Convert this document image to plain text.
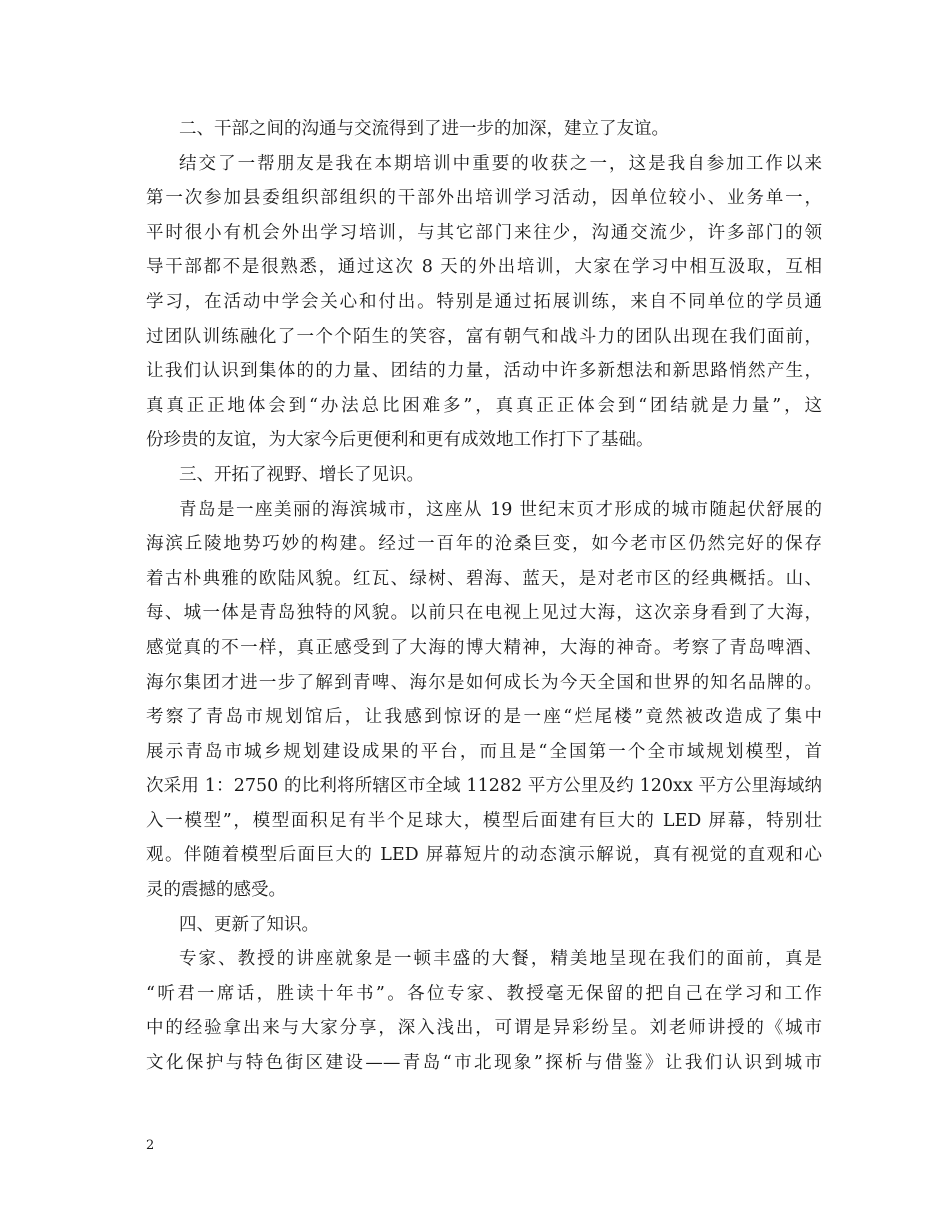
二、干部之间的沟通与交流得到了进一步的加深，建立了友谊。
结交了一帮朋友是我在本期培训中重要的收获之一，这是我自参加工作以来
第一次参加县委组织部组织的干部外出培训学习活动，因单位较小、业务单一，
平时很小有机会外出学习培训，与其它部门来往少，沟通交流少，许多部门的领
导干部都不是很熟悉，通过这次 8 天的外出培训，大家在学习中相互汲取，互相
学习，在活动中学会关心和付出。特别是通过拓展训练，来自不同单位的学员通
过团队训练融化了一个个陌生的笑容，富有朝气和战斗力的团队出现在我们面前，
让我们认识到集体的的力量、团结的力量，活动中许多新想法和新思路悄然产生，
真真正正地体会到“办法总比困难多”，真真正正体会到“团结就是力量”，这
份珍贵的友谊，为大家今后更便利和更有成效地工作打下了基础。
三、开拓了视野、增长了见识。
青岛是一座美丽的海滨城市，这座从 19 世纪末页才形成的城市随起伏舒展的
海滨丘陵地势巧妙的构建。经过一百年的沧桑巨变，如今老市区仍然完好的保存
着古朴典雅的欧陆风貌。红瓦、绿树、碧海、蓝天，是对老市区的经典概括。山、
每、城一体是青岛独特的风貌。以前只在电视上见过大海，这次亲身看到了大海，
感觉真的不一样，真正感受到了大海的博大精神，大海的神奇。考察了青岛啤酒、
海尔集团才进一步了解到青啤、海尔是如何成长为今天全国和世界的知名品牌的。
考察了青岛市规划馆后，让我感到惊讶的是一座“烂尾楼”竟然被改造成了集中
展示青岛市城乡规划建设成果的平台，而且是“全国第一个全市域规划模型，首
次采用 1：2750 的比利将所辖区市全域 11282 平方公里及约 120xx 平方公里海域纳
入一模型”，模型面积足有半个足球大，模型后面建有巨大的 LED 屏幕，特别壮
观。伴随着模型后面巨大的 LED 屏幕短片的动态演示解说，真有视觉的直观和心
灵的震撼的感受。
四、更新了知识。
专家、教授的讲座就象是一顿丰盛的大餐，精美地呈现在我们的面前，真是
“听君一席话，胜读十年书”。各位专家、教授毫无保留的把自己在学习和工作
中的经验拿出来与大家分享，深入浅出，可谓是异彩纷呈。刘老师讲授的《城市
文化保护与特色街区建设——青岛“市北现象”探析与借鉴》让我们认识到城市
2
